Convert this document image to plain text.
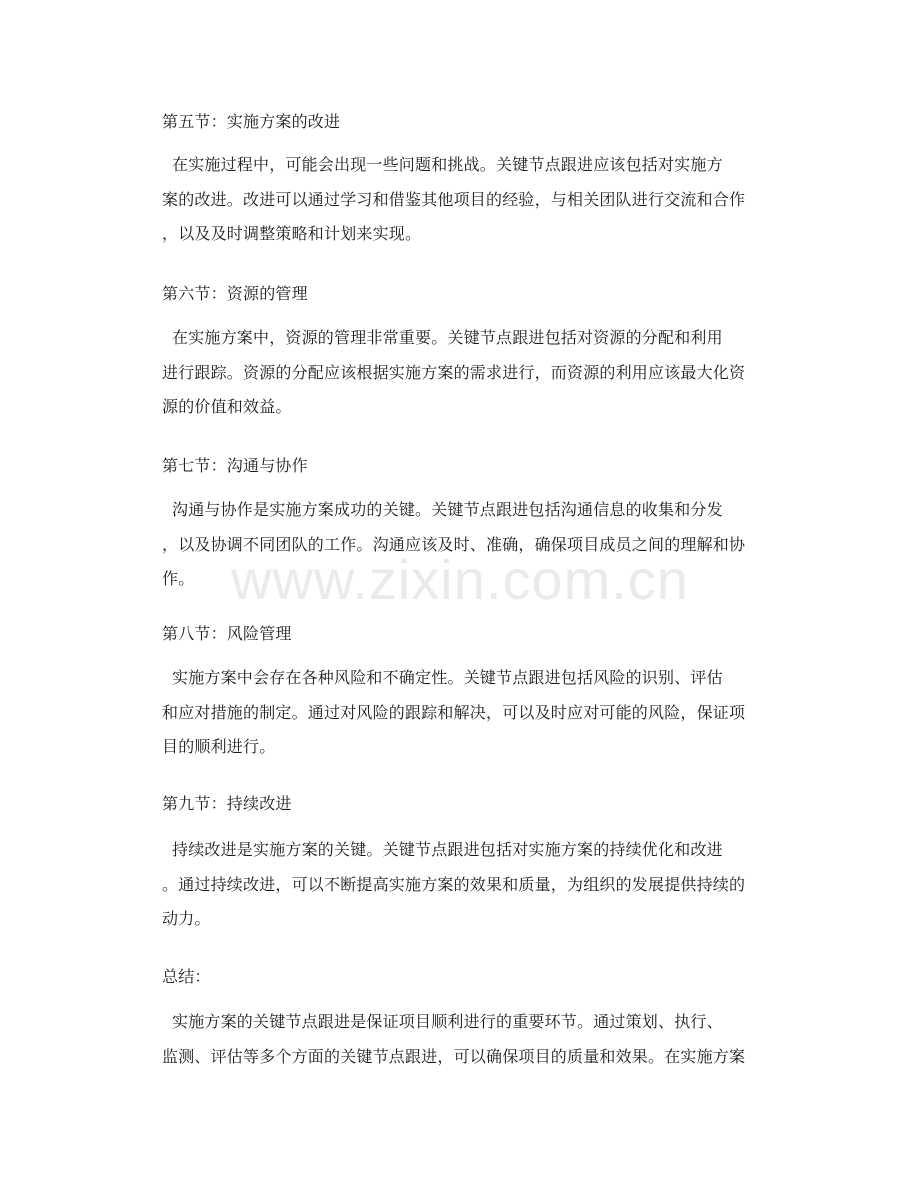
第五节：实施方案的改进
在实施过程中，可能会出现一些问题和挑战。关键节点跟进应该包括对实施方
案的改进。改进可以通过学习和借鉴其他项目的经验，与相关团队进行交流和合作
，以及及时调整策略和计划来实现。
第六节：资源的管理
在实施方案中，资源的管理非常重要。关键节点跟进包括对资源的分配和利用
进行跟踪。资源的分配应该根据实施方案的需求进行，而资源的利用应该最大化资
源的价值和效益。
第七节：沟通与协作
沟通与协作是实施方案成功的关键。关键节点跟进包括沟通信息的收集和分发
，以及协调不同团队的工作。沟通应该及时、准确，确保项目成员之间的理解和协
作。
第八节：风险管理
实施方案中会存在各种风险和不确定性。关键节点跟进包括风险的识别、评估
和应对措施的制定。通过对风险的跟踪和解决，可以及时应对可能的风险，保证项
目的顺利进行。
第九节：持续改进
持续改进是实施方案的关键。关键节点跟进包括对实施方案的持续优化和改进
。通过持续改进，可以不断提高实施方案的效果和质量，为组织的发展提供持续的
动力。
总结：
实施方案的关键节点跟进是保证项目顺利进行的重要环节。通过策划、执行、
监测、评估等多个方面的关键节点跟进，可以确保项目的质量和效果。在实施方案
www.zixin.com.cn
